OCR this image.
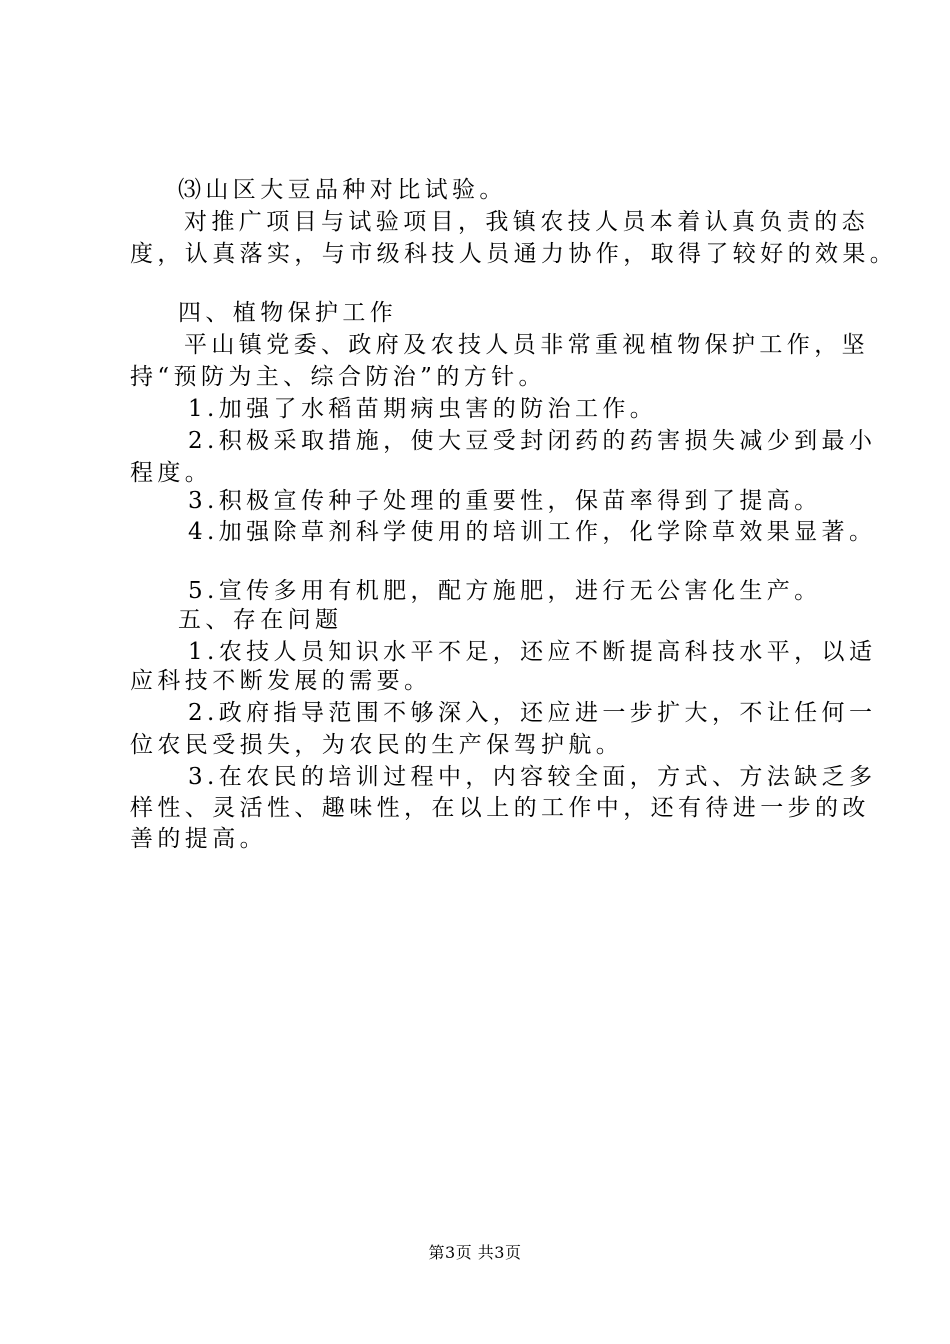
⑶山区大豆品种对比试验。
对推广项目与试验项目，我镇农技人员本着认真负责的态
度，认真落实，与市级科技人员通力协作，取得了较好的效果。
四、植物保护工作
平山镇党委、政府及农技人员非常重视植物保护工作，坚
持“预防为主、综合防治”的方针。
1.加强了水稻苗期病虫害的防治工作。
2.积极采取措施，使大豆受封闭药的药害损失减少到最小
程度。
3.积极宣传种子处理的重要性，保苗率得到了提高。
4.加强除草剂科学使用的培训工作，化学除草效果显著。
5.宣传多用有机肥，配方施肥，进行无公害化生产。
五、存在问题
1.农技人员知识水平不足，还应不断提高科技水平，以适
应科技不断发展的需要。
2.政府指导范围不够深入，还应进一步扩大，不让任何一
位农民受损失，为农民的生产保驾护航。
3.在农民的培训过程中，内容较全面，方式、方法缺乏多
样性、灵活性、趣味性，在以上的工作中，还有待进一步的改
善的提高。
第3页 共3页
